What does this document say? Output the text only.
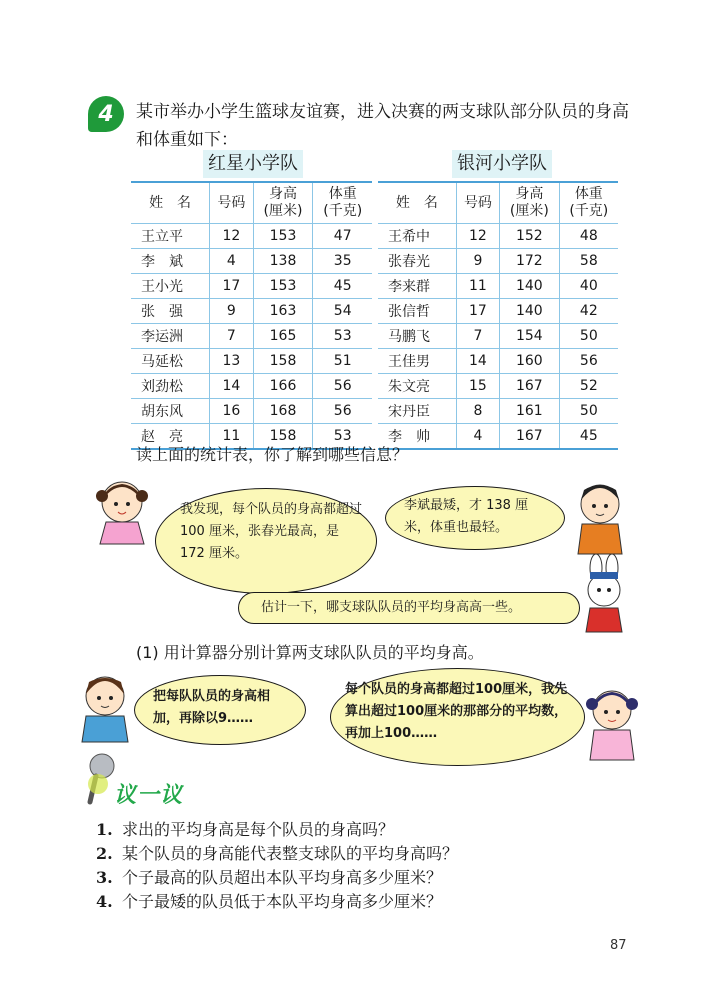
4	某市举办小学生篮球友谊赛，进入决赛的两支球队部分队员的身高和体重如下：
红星小学队	银河小学队
姓　名	号码	身高
(厘米)	体重
(千克)
王立平	12	153	47
李　斌	4	138	35
王小光	17	153	45
张　强	9	163	54
李运洲	7	165	53
马延松	13	158	51
刘劲松	14	166	56
胡东风	16	168	56
赵　亮	11	158	53
姓　名	号码	身高
(厘米)	体重
(千克)
王希中	12	152	48
张春光	9	172	58
李来群	11	140	40
张信哲	17	140	42
马鹏飞	7	154	50
王佳男	14	160	56
朱文亮	15	167	52
宋丹臣	8	161	50
李　帅	4	167	45
读上面的统计表，你了解到哪些信息？
我发现，每个队员的身高都超过 100 厘米，张春光最高，是 172 厘米。
李斌最矮，才 138 厘米，体重也最轻。
估计一下，哪支球队队员的平均身高高一些。
(1) 用计算器分别计算两支球队队员的平均身高。
把每队队员的身高相加，再除以9……
每个队员的身高都超过100厘米，我先算出超过100厘米的那部分的平均数，再加上100……
议一议
1. 求出的平均身高是每个队员的身高吗？
2. 某个队员的身高能代表整支球队的平均身高吗？
3. 个子最高的队员超出本队平均身高多少厘米？
4. 个子最矮的队员低于本队平均身高多少厘米？
87
